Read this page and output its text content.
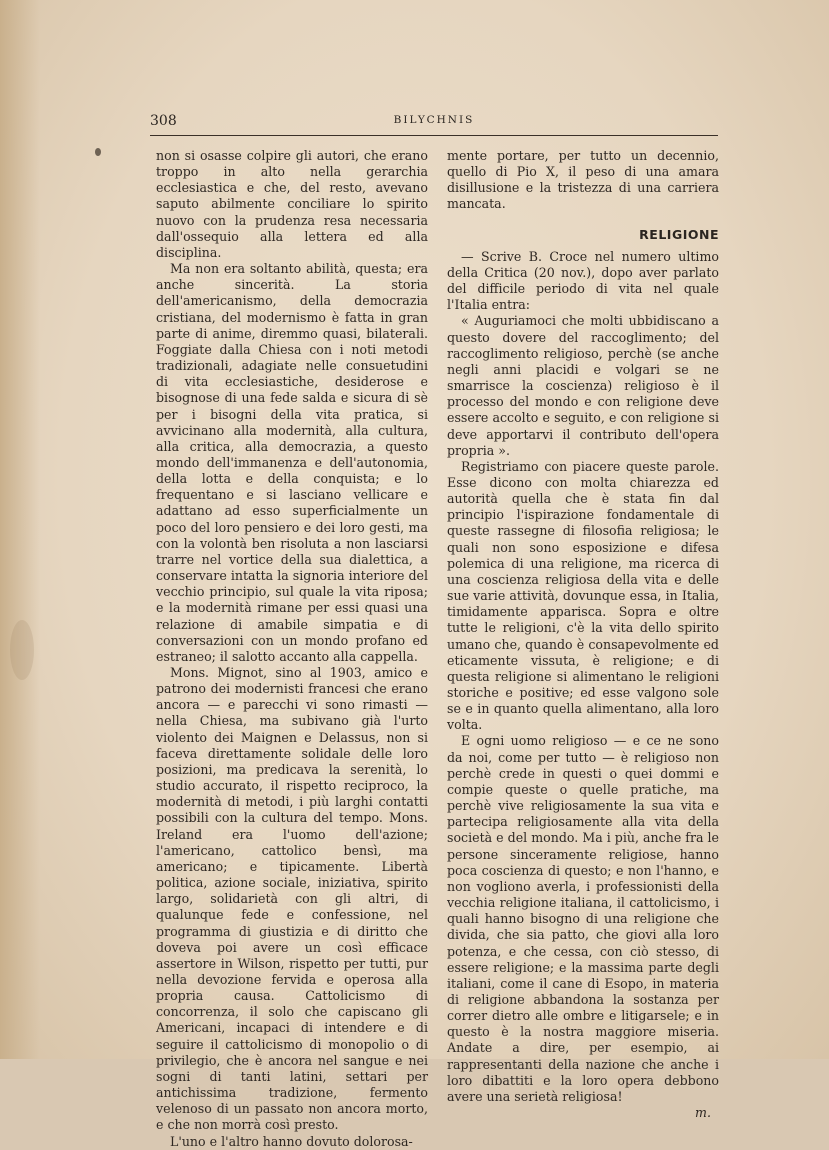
308	BILYCHNIS

non si osasse colpire gli autori, che erano troppo in alto nella gerarchia ecclesiastica e che, del resto, avevano saputo abilmente conciliare lo spirito nuovo con la prudenza resa necessaria dall'ossequio alla lettera ed alla disciplina.

Ma non era soltanto abilità, questa; era anche sincerità. La storia dell'americanismo, della democrazia cristiana, del modernismo è fatta in gran parte di anime, diremmo quasi, bilaterali. Foggiate dalla Chiesa con i noti metodi tradizionali, adagiate nelle consuetudini di vita ecclesiastiche, desiderose e bisognose di una fede salda e sicura di sè per i bisogni della vita pratica, si avvicinano alla modernità, alla cultura, alla critica, alla democrazia, a questo mondo dell'immanenza e dell'autonomia, della lotta e della conquista; e lo frequentano e si lasciano vellicare e adattano ad esso superficialmente un poco del loro pensiero e dei loro gesti, ma con la volontà ben risoluta a non lasciarsi trarre nel vortice della sua dialettica, a conservare intatta la signoria interiore del vecchio principio, sul quale la vita riposa; e la modernità rimane per essi quasi una relazione di amabile simpatia e di conversazioni con un mondo profano ed estraneo; il salotto accanto alla cappella.

Mons. Mignot, sino al 1903, amico e patrono dei modernisti francesi che erano ancora — e parecchi vi sono rimasti — nella Chiesa, ma subivano già l'urto violento dei Maignen e Delassus, non si faceva direttamente solidale delle loro posizioni, ma predicava la serenità, lo studio accurato, il rispetto reciproco, la modernità di metodi, i più larghi contatti possibili con la cultura del tempo. Mons. Ireland era l'uomo dell'azione; l'americano, cattolico bensì, ma americano; e tipicamente. Libertà politica, azione sociale, iniziativa, spirito largo, solidarietà con gli altri, di qualunque fede e confessione, nel programma di giustizia e di diritto che doveva poi avere un così efficace assertore in Wilson, rispetto per tutti, pur nella devozione fervida e operosa alla propria causa. Cattolicismo di concorrenza, il solo che capiscano gli Americani, incapaci di intendere e di seguire il cattolicismo di monopolio o di privilegio, che è ancora nel sangue e nei sogni di tanti latini, settari per antichissima tradizione, fermento velenoso di un passato non ancora morto, e che non morrà così presto.

L'uno e l'altro hanno dovuto dolorosa-

mente portare, per tutto un decennio, quello di Pio X, il peso di una amara disillusione e la tristezza di una carriera mancata.

RELIGIONE

— Scrive B. Croce nel numero ultimo della Critica (20 nov.), dopo aver parlato del difficile periodo di vita nel quale l'Italia entra:

« Auguriamoci che molti ubbidiscano a questo dovere del raccoglimento; del raccoglimento religioso, perchè (se anche negli anni placidi e volgari se ne smarrisce la coscienza) religioso è il processo del mondo e con religione deve essere accolto e seguito, e con religione si deve apportarvi il contributo dell'opera propria ».

Registriamo con piacere queste parole. Esse dicono con molta chiarezza ed autorità quella che è stata fin dal principio l'ispirazione fondamentale di queste rassegne di filosofia religiosa; le quali non sono esposizione e difesa polemica di una religione, ma ricerca di una coscienza religiosa della vita e delle sue varie attività, dovunque essa, in Italia, timidamente apparisca. Sopra e oltre tutte le religioni, c'è la vita dello spirito umano che, quando è consapevolmente ed eticamente vissuta, è religione; e di questa religione si alimentano le religioni storiche e positive; ed esse valgono sole se e in quanto quella alimentano, alla loro volta.

E ogni uomo religioso — e ce ne sono da noi, come per tutto — è religioso non perchè crede in questi o quei dommi e compie queste o quelle pratiche, ma perchè vive religiosamente la sua vita e partecipa religiosamente alla vita della società e del mondo. Ma i più, anche fra le persone sinceramente religiose, hanno poca coscienza di questo; e non l'hanno, e non vogliono averla, i professionisti della vecchia religione italiana, il cattolicismo, i quali hanno bisogno di una religione che divida, che sia patto, che giovi alla loro potenza, e che cessa, con ciò stesso, di essere religione; e la massima parte degli italiani, come il cane di Esopo, in materia di religione abbandona la sostanza per correr dietro alle ombre e litigarsele; e in questo è la nostra maggiore miseria. Andate a dire, per esempio, ai rappresentanti della nazione che anche i loro dibattiti e la loro opera debbono avere una serietà religiosa!

m.
